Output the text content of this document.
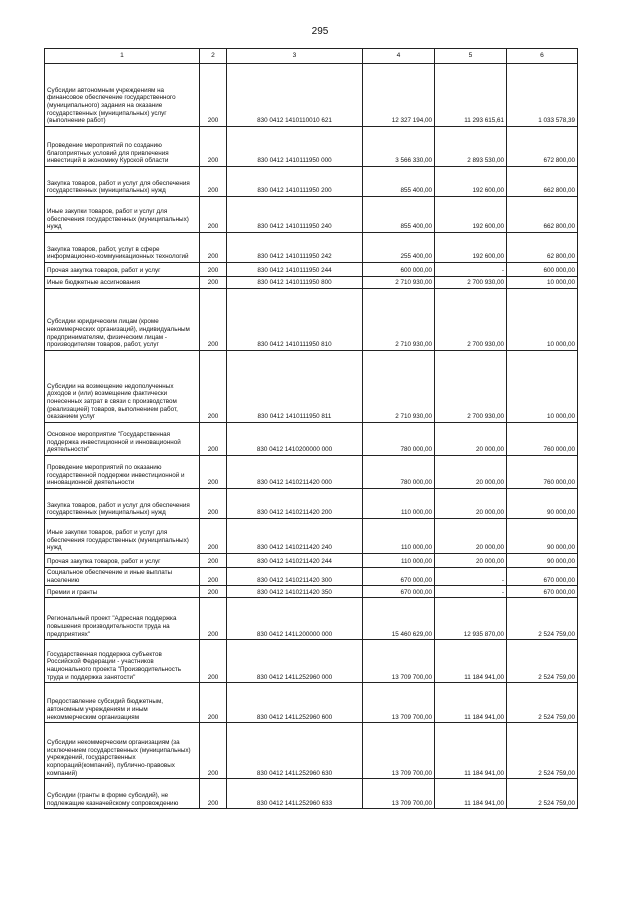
295
1	2	3	4	5	6
Субсидии автономным учреждениям на финансовое обеспечение государственного (муниципального) задания на оказание государственных (муниципальных) услуг (выполнение работ)	200	830 0412 1410110010 621	12 327 194,00	11 293 615,61	1 033 578,39
Проведение мероприятий по созданию благоприятных условий для привлечения инвестиций в экономику Курской области	200	830 0412 1410111950 000	3 566 330,00	2 893 530,00	672 800,00
Закупка товаров, работ и услуг для обеспечения государственных (муниципальных) нужд	200	830 0412 1410111950 200	855 400,00	192 600,00	662 800,00
Иные закупки товаров, работ и услуг для обеспечения государственных (муниципальных) нужд	200	830 0412 1410111950 240	855 400,00	192 600,00	662 800,00
Закупка товаров, работ, услуг в сфере информационно-коммуникационных технологий	200	830 0412 1410111950 242	255 400,00	192 600,00	62 800,00
Прочая закупка товаров, работ и услуг	200	830 0412 1410111950 244	600 000,00	-	600 000,00
Иные бюджетные ассигнования	200	830 0412 1410111950 800	2 710 930,00	2 700 930,00	10 000,00
Субсидии юридическим лицам (кроме некоммерческих организаций), индивидуальным предпринимателям, физическим лицам - производителям товаров, работ, услуг	200	830 0412 1410111950 810	2 710 930,00	2 700 930,00	10 000,00
Субсидии на возмещение недополученных доходов и (или) возмещение фактически понесенных затрат в связи с производством (реализацией) товаров, выполнением работ, оказанием услуг	200	830 0412 1410111950 811	2 710 930,00	2 700 930,00	10 000,00
Основное мероприятие "Государственная поддержка инвестиционной и инновационной деятельности"	200	830 0412 1410200000 000	780 000,00	20 000,00	760 000,00
Проведение мероприятий по оказанию государственной поддержки инвестиционной и инновационной деятельности	200	830 0412 1410211420 000	780 000,00	20 000,00	760 000,00
Закупка товаров, работ и услуг для обеспечения государственных (муниципальных) нужд	200	830 0412 1410211420 200	110 000,00	20 000,00	90 000,00
Иные закупки товаров, работ и услуг для обеспечения государственных (муниципальных) нужд	200	830 0412 1410211420 240	110 000,00	20 000,00	90 000,00
Прочая закупка товаров, работ и услуг	200	830 0412 1410211420 244	110 000,00	20 000,00	90 000,00
Социальное обеспечение и иные выплаты населению	200	830 0412 1410211420 300	670 000,00	-	670 000,00
Премии и гранты	200	830 0412 1410211420 350	670 000,00	-	670 000,00
Региональный проект "Адресная поддержка повышения производительности труда на предприятиях"	200	830 0412 141L200000 000	15 460 629,00	12 935 870,00	2 524 759,00
Государственная поддержка субъектов Российской Федерации - участников национального проекта "Производительность труда и поддержка занятости"	200	830 0412 141L252960 000	13 709 700,00	11 184 941,00	2 524 759,00
Предоставление субсидий бюджетным, автономным учреждениям и иным некоммерческим организациям	200	830 0412 141L252960 600	13 709 700,00	11 184 941,00	2 524 759,00
Субсидии некоммерческим организациям (за исключением государственных (муниципальных) учреждений, государственных корпораций(компаний), публично-правовых компаний)	200	830 0412 141L252960 630	13 709 700,00	11 184 941,00	2 524 759,00
Субсидии (гранты в форме субсидий), не подлежащие казначейскому сопровождению	200	830 0412 141L252960 633	13 709 700,00	11 184 941,00	2 524 759,00
